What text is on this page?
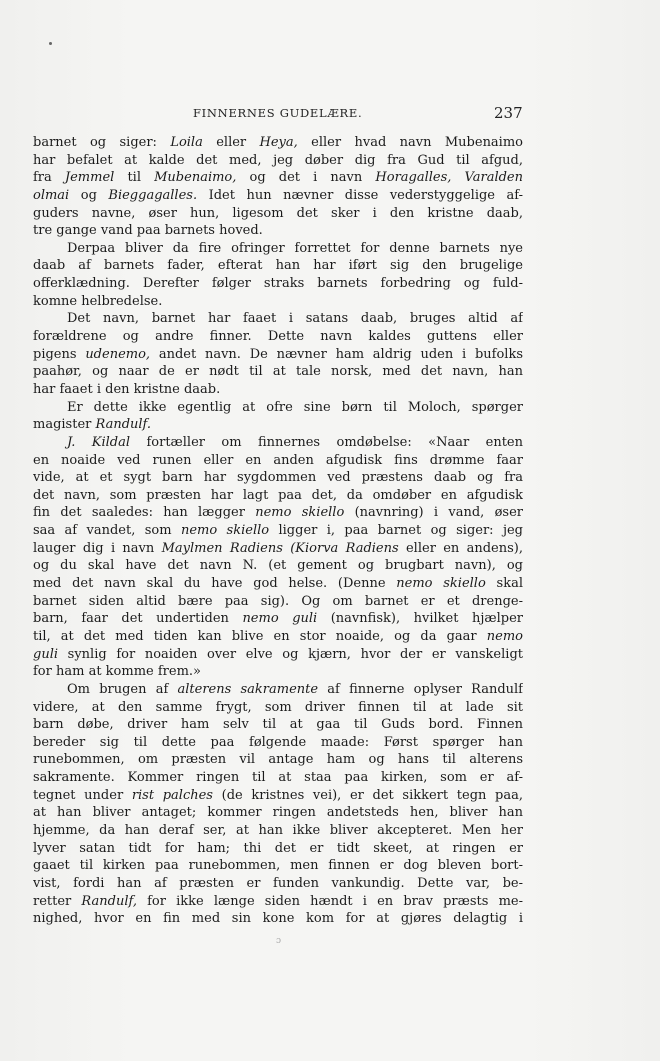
FINNERNES GUDELÆRE.	237
barnet og siger: Loila eller Heya, eller hvad navn Mubenaimo
har befalet at kalde det med, jeg døber dig fra Gud til afgud,
fra Jemmel til Mubenaimo, og det i navn Horagalles, Varalden
olmai og Bieggagalles. Idet hun nævner disse vederstyggelige af-
guders navne, øser hun, ligesom det sker i den kristne daab,
tre gange vand paa barnets hoved.
Derpaa bliver da fire ofringer forrettet for denne barnets nye
daab af barnets fader, efterat han har iført sig den brugelige
offerklædning. Derefter følger straks barnets forbedring og fuld-
komne helbredelse.
Det navn, barnet har faaet i satans daab, bruges altid af
forældrene og andre finner. Dette navn kaldes guttens eller
pigens udenemo, andet navn. De nævner ham aldrig uden i bufolks
paahør, og naar de er nødt til at tale norsk, med det navn, han
har faaet i den kristne daab.
Er dette ikke egentlig at ofre sine børn til Moloch, spørger
magister Randulf.
J. Kildal fortæller om finnernes omdøbelse: «Naar enten
en noaide ved runen eller en anden afgudisk fins drømme faar
vide, at et sygt barn har sygdommen ved præstens daab og fra
det navn, som præsten har lagt paa det, da omdøber en afgudisk
fin det saaledes: han lægger nemo skiello (navnring) i vand, øser
saa af vandet, som nemo skiello ligger i, paa barnet og siger: jeg
lauger dig i navn Maylmen Radiens (Kiorva Radiens eller en andens),
og du skal have det navn N. (et gement og brugbart navn), og
med det navn skal du have god helse. (Denne nemo skiello skal
barnet siden altid bære paa sig). Og om barnet er et drenge-
barn, faar det undertiden nemo guli (navnfisk), hvilket hjælper
til, at det med tiden kan blive en stor noaide, og da gaar nemo
guli synlig for noaiden over elve og kjærn, hvor der er vanskeligt
for ham at komme frem.»
Om brugen af alterens sakramente af finnerne oplyser Randulf
videre, at den samme frygt, som driver finnen til at lade sit
barn døbe, driver ham selv til at gaa til Guds bord. Finnen
bereder sig til dette paa følgende maade: Først spørger han
runebommen, om præsten vil antage ham og hans til alterens
sakramente. Kommer ringen til at staa paa kirken, som er af-
tegnet under rist palches (de kristnes vei), er det sikkert tegn paa,
at han bliver antaget; kommer ringen andetsteds hen, bliver han
hjemme, da han deraf ser, at han ikke bliver akcepteret. Men her
lyver satan tidt for ham; thi det er tidt skeet, at ringen er
gaaet til kirken paa runebommen, men finnen er dog bleven bort-
vist, fordi han af præsten er funden vankundig. Dette var, be-
retter Randulf, for ikke længe siden hændt i en brav præsts me-
nighed, hvor en fin med sin kone kom for at gjøres delagtig i
ɔ
